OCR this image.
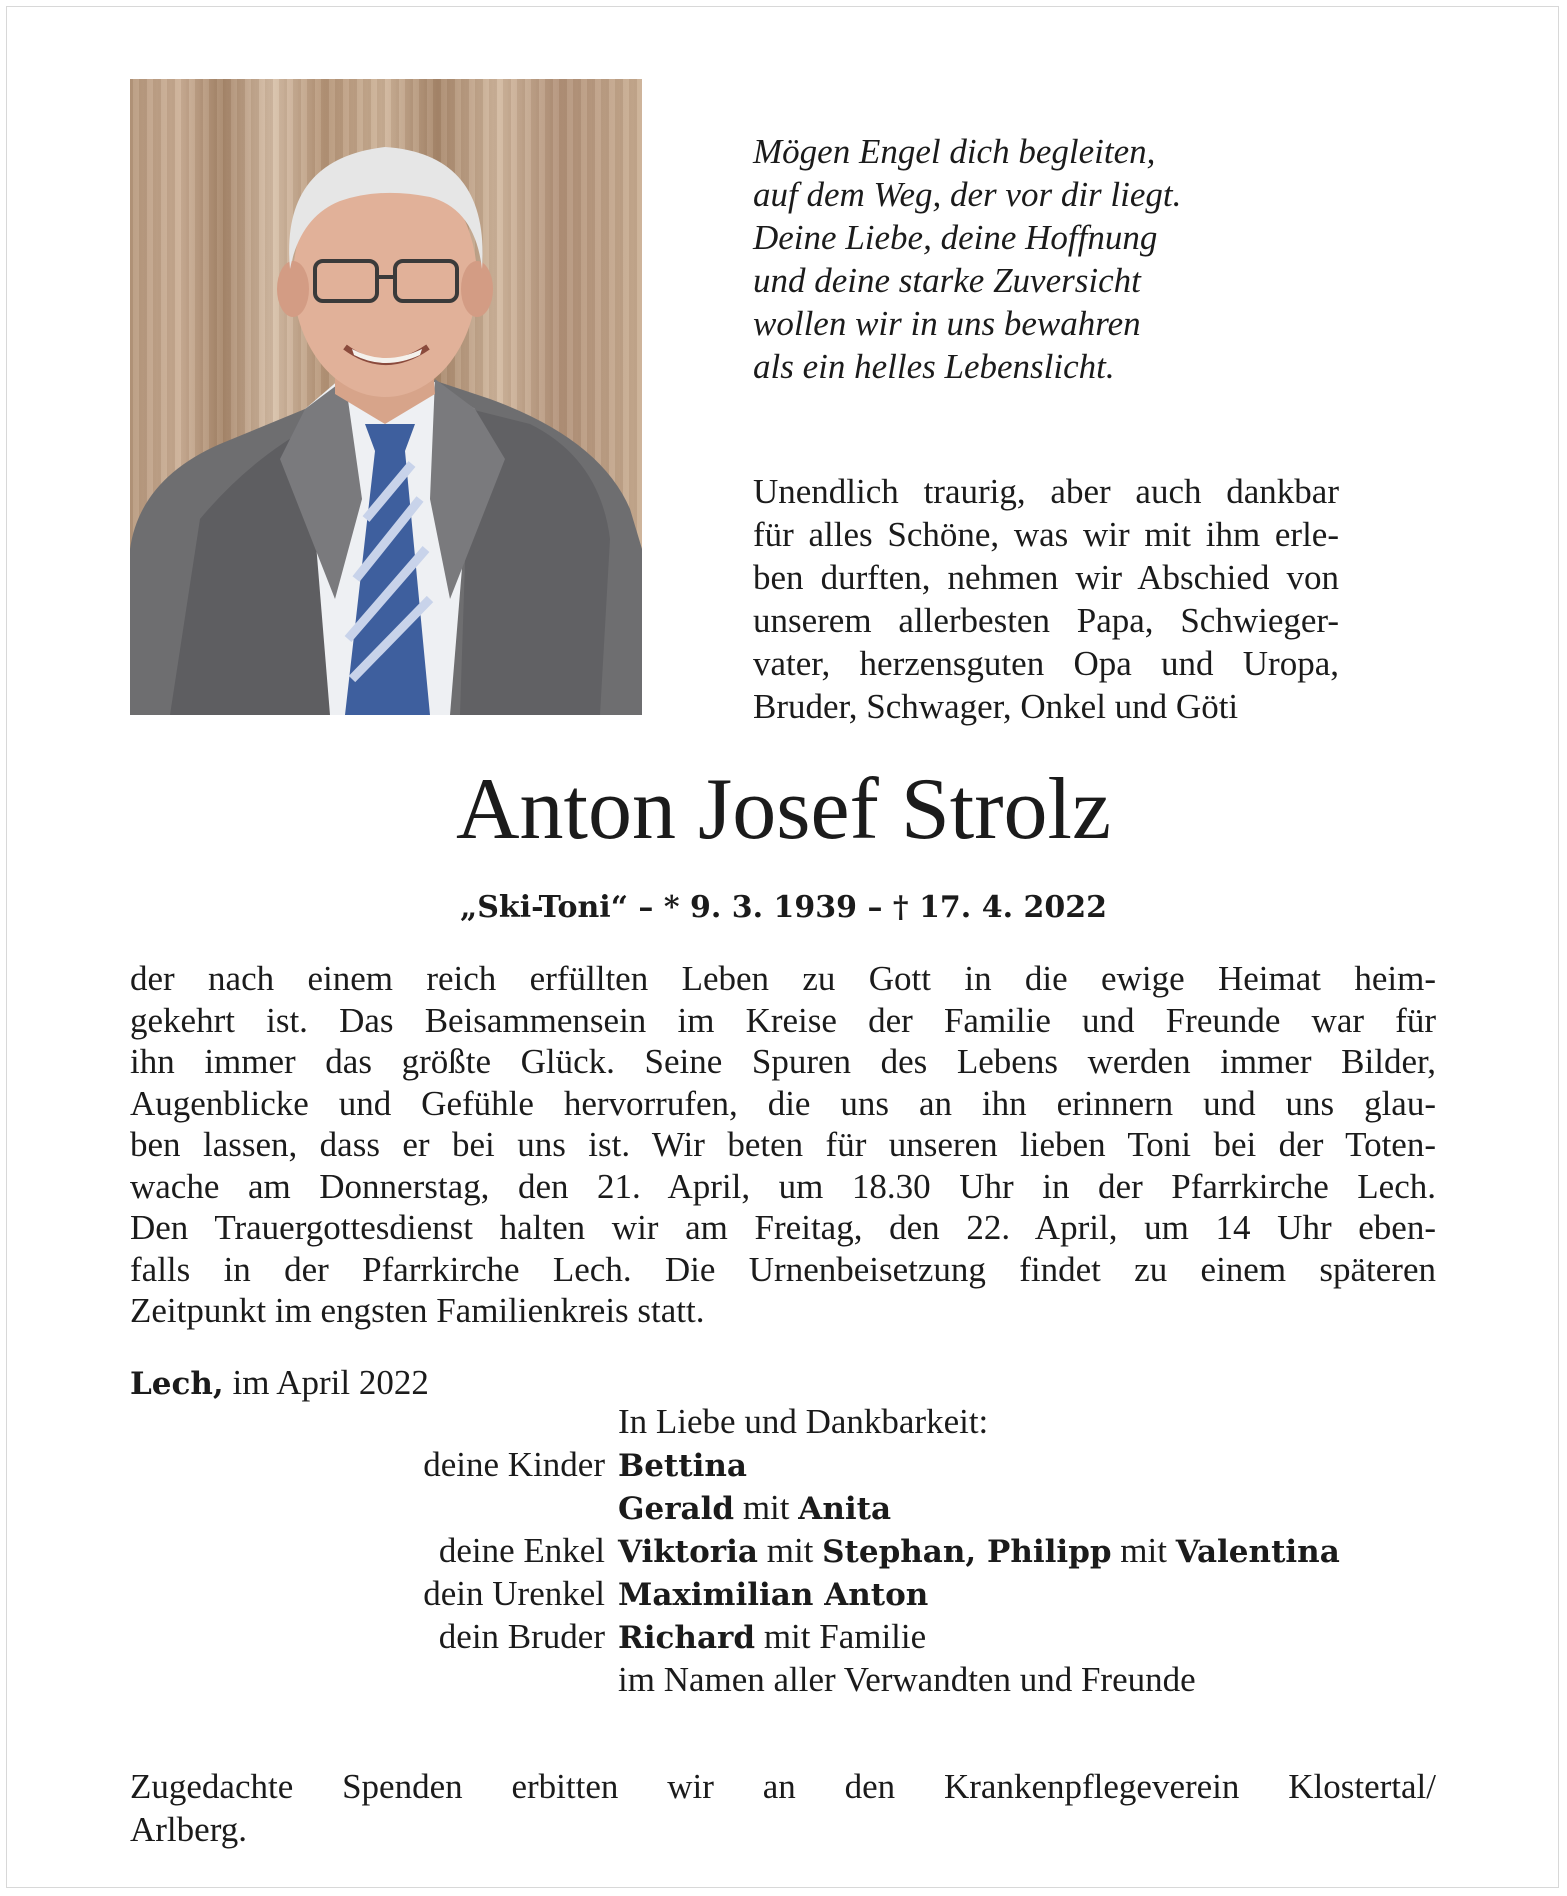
Mögen Engel dich begleiten,
auf dem Weg, der vor dir liegt.
Deine Liebe, deine Hoffnung
und deine starke Zuversicht
wollen wir in uns bewahren
als ein helles Lebenslicht.
Unendlich traurig, aber auch dankbar
für alles Schöne, was wir mit ihm erle-
ben durften, nehmen wir Abschied von
unserem allerbesten Papa, Schwieger-
vater, herzensguten Opa und Uropa,
Bruder, Schwager, Onkel und Göti
Anton Josef Strolz
„Ski-Toni“ – * 9. 3. 1939 – † 17. 4. 2022
der nach einem reich erfüllten Leben zu Gott in die ewige Heimat heim-
gekehrt ist. Das Beisammensein im Kreise der Familie und Freunde war für
ihn immer das größte Glück. Seine Spuren des Lebens werden immer Bilder,
Augenblicke und Gefühle hervorrufen, die uns an ihn erinnern und uns glau-
ben lassen, dass er bei uns ist. Wir beten für unseren lieben Toni bei der Toten-
wache am Donnerstag, den 21. April, um 18.30 Uhr in der Pfarrkirche Lech.
Den Trauergottesdienst halten wir am Freitag, den 22. April, um 14 Uhr eben-
falls in der Pfarrkirche Lech. Die Urnenbeisetzung findet zu einem späteren
Zeitpunkt im engsten Familienkreis statt.
Lech, im April 2022
In Liebe und Dankbarkeit:
deine Kinder Bettina
Gerald mit Anita
deine Enkel Viktoria mit Stephan, Philipp mit Valentina
dein Urenkel Maximilian Anton
dein Bruder Richard mit Familie
im Namen aller Verwandten und Freunde
Zugedachte Spenden erbitten wir an den Krankenpflegeverein Klostertal/
Arlberg.
